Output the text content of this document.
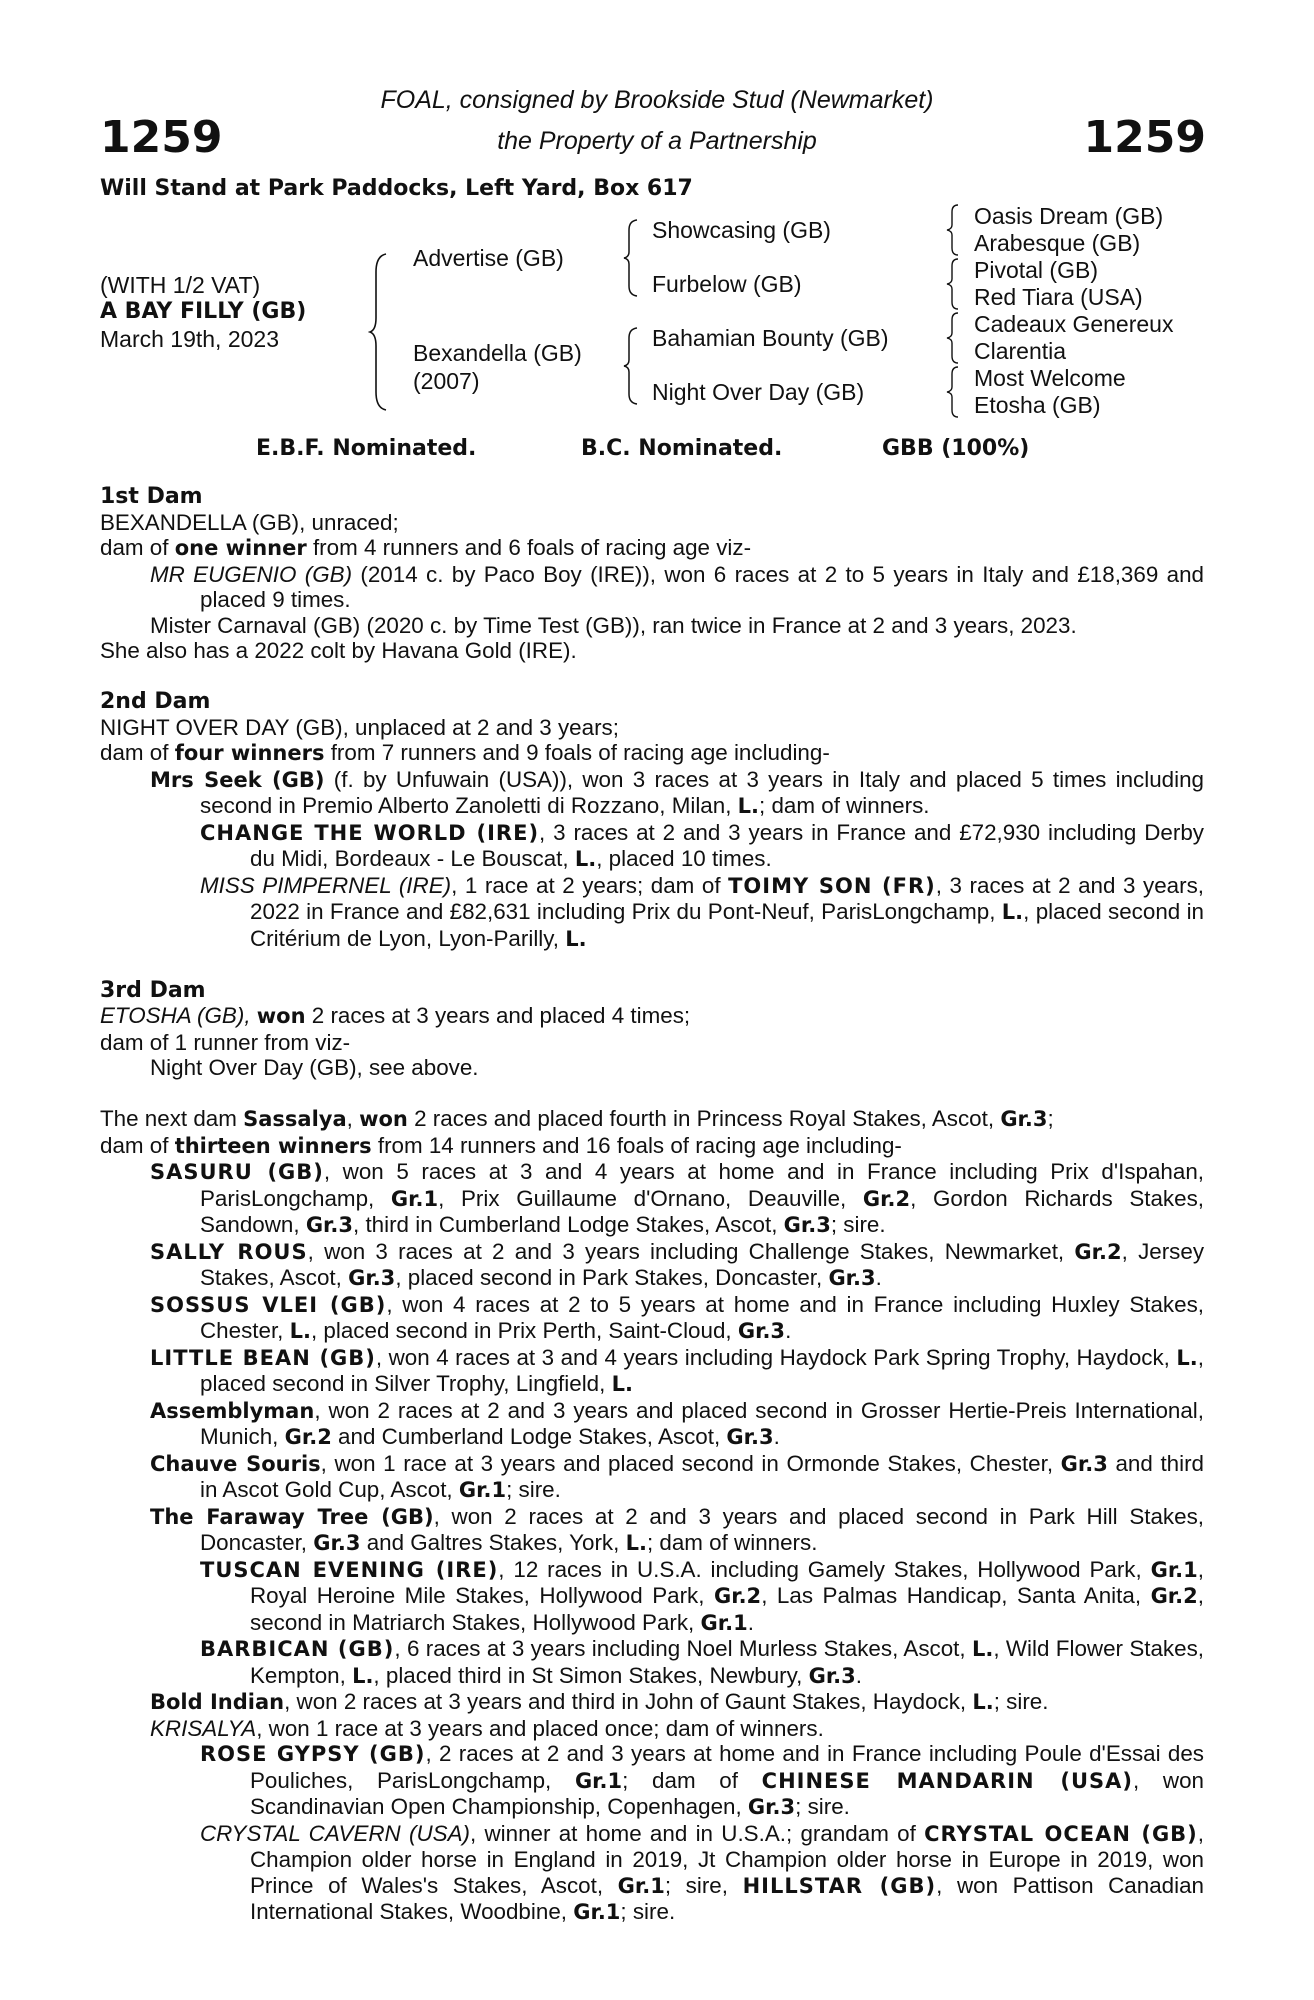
1259	1259
FOAL, consigned by Brookside Stud (Newmarket)
the Property of a Partnership
Will Stand at Park Paddocks, Left Yard, Box 617
(WITH 1/2 VAT)
A BAY FILLY (GB)
March 19th, 2023
Advertise (GB)
Bexandella (GB)
(2007)
Showcasing (GB)
Furbelow (GB)
Bahamian Bounty (GB)
Night Over Day (GB)
Oasis Dream (GB)
Arabesque (GB)
Pivotal (GB)
Red Tiara (USA)
Cadeaux Genereux
Clarentia
Most Welcome
Etosha (GB)
E.B.F. Nominated.	B.C. Nominated.	GBB (100%)
1st Dam
BEXANDELLA (GB), unraced;
dam of one winner from 4 runners and 6 foals of racing age viz-
MR EUGENIO (GB) (2014 c. by Paco Boy (IRE)), won 6 races at 2 to 5 years in Italy and £18,369 and placed 9 times.
Mister Carnaval (GB) (2020 c. by Time Test (GB)), ran twice in France at 2 and 3 years, 2023.
She also has a 2022 colt by Havana Gold (IRE).
2nd Dam
NIGHT OVER DAY (GB), unplaced at 2 and 3 years;
dam of four winners from 7 runners and 9 foals of racing age including-
Mrs Seek (GB) (f. by Unfuwain (USA)), won 3 races at 3 years in Italy and placed 5 times including second in Premio Alberto Zanoletti di Rozzano, Milan, L.; dam of winners.
CHANGE THE WORLD (IRE), 3 races at 2 and 3 years in France and £72,930 including Derby du Midi, Bordeaux - Le Bouscat, L., placed 10 times.
MISS PIMPERNEL (IRE), 1 race at 2 years; dam of TOIMY SON (FR), 3 races at 2 and 3 years, 2022 in France and £82,631 including Prix du Pont-Neuf, ParisLongchamp, L., placed second in Critérium de Lyon, Lyon-Parilly, L.
3rd Dam
ETOSHA (GB), won 2 races at 3 years and placed 4 times;
dam of 1 runner from viz-
Night Over Day (GB), see above.
The next dam Sassalya, won 2 races and placed fourth in Princess Royal Stakes, Ascot, Gr.3;
dam of thirteen winners from 14 runners and 16 foals of racing age including-
SASURU (GB), won 5 races at 3 and 4 years at home and in France including Prix d'Ispahan, ParisLongchamp, Gr.1, Prix Guillaume d'Ornano, Deauville, Gr.2, Gordon Richards Stakes, Sandown, Gr.3, third in Cumberland Lodge Stakes, Ascot, Gr.3; sire.
SALLY ROUS, won 3 races at 2 and 3 years including Challenge Stakes, Newmarket, Gr.2, Jersey Stakes, Ascot, Gr.3, placed second in Park Stakes, Doncaster, Gr.3.
SOSSUS VLEI (GB), won 4 races at 2 to 5 years at home and in France including Huxley Stakes, Chester, L., placed second in Prix Perth, Saint-Cloud, Gr.3.
LITTLE BEAN (GB), won 4 races at 3 and 4 years including Haydock Park Spring Trophy, Haydock, L., placed second in Silver Trophy, Lingfield, L.
Assemblyman, won 2 races at 2 and 3 years and placed second in Grosser Hertie-Preis International, Munich, Gr.2 and Cumberland Lodge Stakes, Ascot, Gr.3.
Chauve Souris, won 1 race at 3 years and placed second in Ormonde Stakes, Chester, Gr.3 and third in Ascot Gold Cup, Ascot, Gr.1; sire.
The Faraway Tree (GB), won 2 races at 2 and 3 years and placed second in Park Hill Stakes, Doncaster, Gr.3 and Galtres Stakes, York, L.; dam of winners.
TUSCAN EVENING (IRE), 12 races in U.S.A. including Gamely Stakes, Hollywood Park, Gr.1, Royal Heroine Mile Stakes, Hollywood Park, Gr.2, Las Palmas Handicap, Santa Anita, Gr.2, second in Matriarch Stakes, Hollywood Park, Gr.1.
BARBICAN (GB), 6 races at 3 years including Noel Murless Stakes, Ascot, L., Wild Flower Stakes, Kempton, L., placed third in St Simon Stakes, Newbury, Gr.3.
Bold Indian, won 2 races at 3 years and third in John of Gaunt Stakes, Haydock, L.; sire.
KRISALYA, won 1 race at 3 years and placed once; dam of winners.
ROSE GYPSY (GB), 2 races at 2 and 3 years at home and in France including Poule d'Essai des Pouliches, ParisLongchamp, Gr.1; dam of CHINESE MANDARIN (USA), won Scandinavian Open Championship, Copenhagen, Gr.3; sire.
CRYSTAL CAVERN (USA), winner at home and in U.S.A.; grandam of CRYSTAL OCEAN (GB), Champion older horse in England in 2019, Jt Champion older horse in Europe in 2019, won Prince of Wales's Stakes, Ascot, Gr.1; sire, HILLSTAR (GB), won Pattison Canadian International Stakes, Woodbine, Gr.1; sire.
